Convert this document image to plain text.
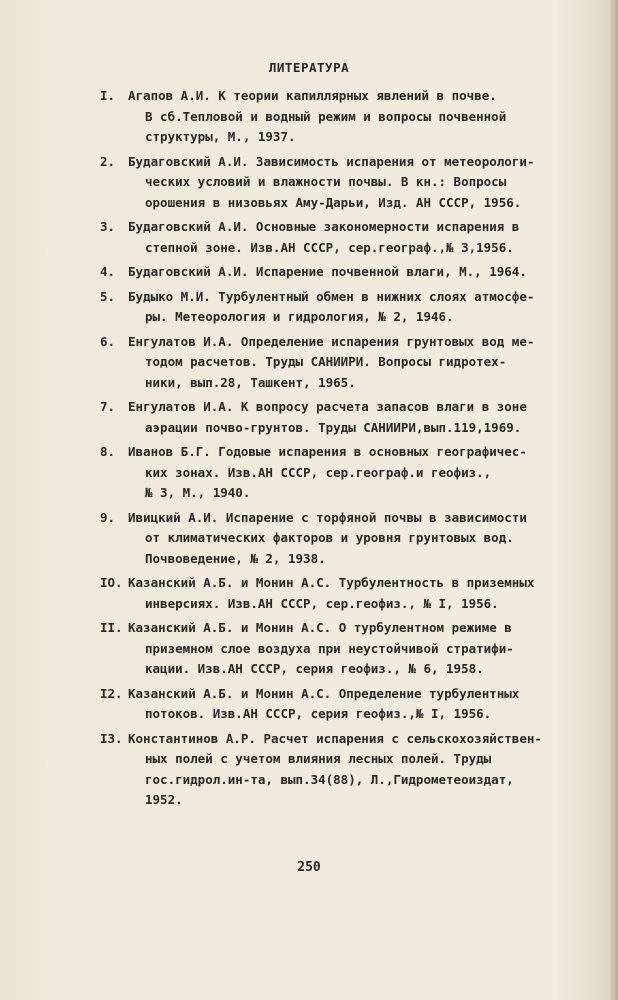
ЛИТЕРАТУРА
I.	Агапов А.И. К теории капиллярных явлений в почве.
В сб.Тепловой и водный режим и вопросы почвенной
структуры, М., 1937.
2.	Будаговский А.И. Зависимость испарения от метеорологи-
ческих условий и влажности почвы. В кн.: Вопросы
орошения в низовьях Аму-Дарьи, Изд. АН СССР, 1956.
3.	Будаговский А.И. Основные закономерности испарения в
степной зоне. Изв.АН СССР, сер.географ.,№ 3,1956.
4.	Будаговский А.И. Испарение почвенной влаги, М., 1964.
5.	Будыко М.И. Турбулентный обмен в нижних слоях атмосфе-
ры. Метеорология и гидрология, № 2, 1946.
6.	Енгулатов И.А. Определение испарения грунтовых вод ме-
тодом расчетов. Труды САНИИРИ. Вопросы гидротех-
ники, вып.28, Ташкент, 1965.
7.	Енгулатов И.А. К вопросу расчета запасов влаги в зоне
аэрации почво-грунтов. Труды САНИИРИ,вып.119,1969.
8.	Иванов Б.Г. Годовые испарения в основных географичес-
ких зонах. Изв.АН СССР, сер.географ.и геофиз.,
№ 3, М., 1940.
9.	Ивицкий А.И. Испарение с торфяной почвы в зависимости
от климатических факторов и уровня грунтовых вод.
Почвоведение, № 2, 1938.
IO. Казанский А.Б. и Монин А.С. Турбулентность в приземных
инверсиях. Изв.АН СССР, сер.геофиз., № I, 1956.
II. Казанский А.Б. и Монин А.С. О турбулентном режиме в
приземном слое воздуха при неустойчивой стратифи-
кации. Изв.АН СССР, серия геофиз., № 6, 1958.
I2. Казанский А.Б. и Монин А.С. Определение турбулентных
потоков. Изв.АН СССР, серия геофиз.,№ I, 1956.
I3. Константинов А.Р. Расчет испарения с сельскохозяйствен-
ных полей с учетом влияния лесных полей. Труды
гос.гидрол.ин-та, вып.34(88), Л.,Гидрометеоиздат,
1952.
250
